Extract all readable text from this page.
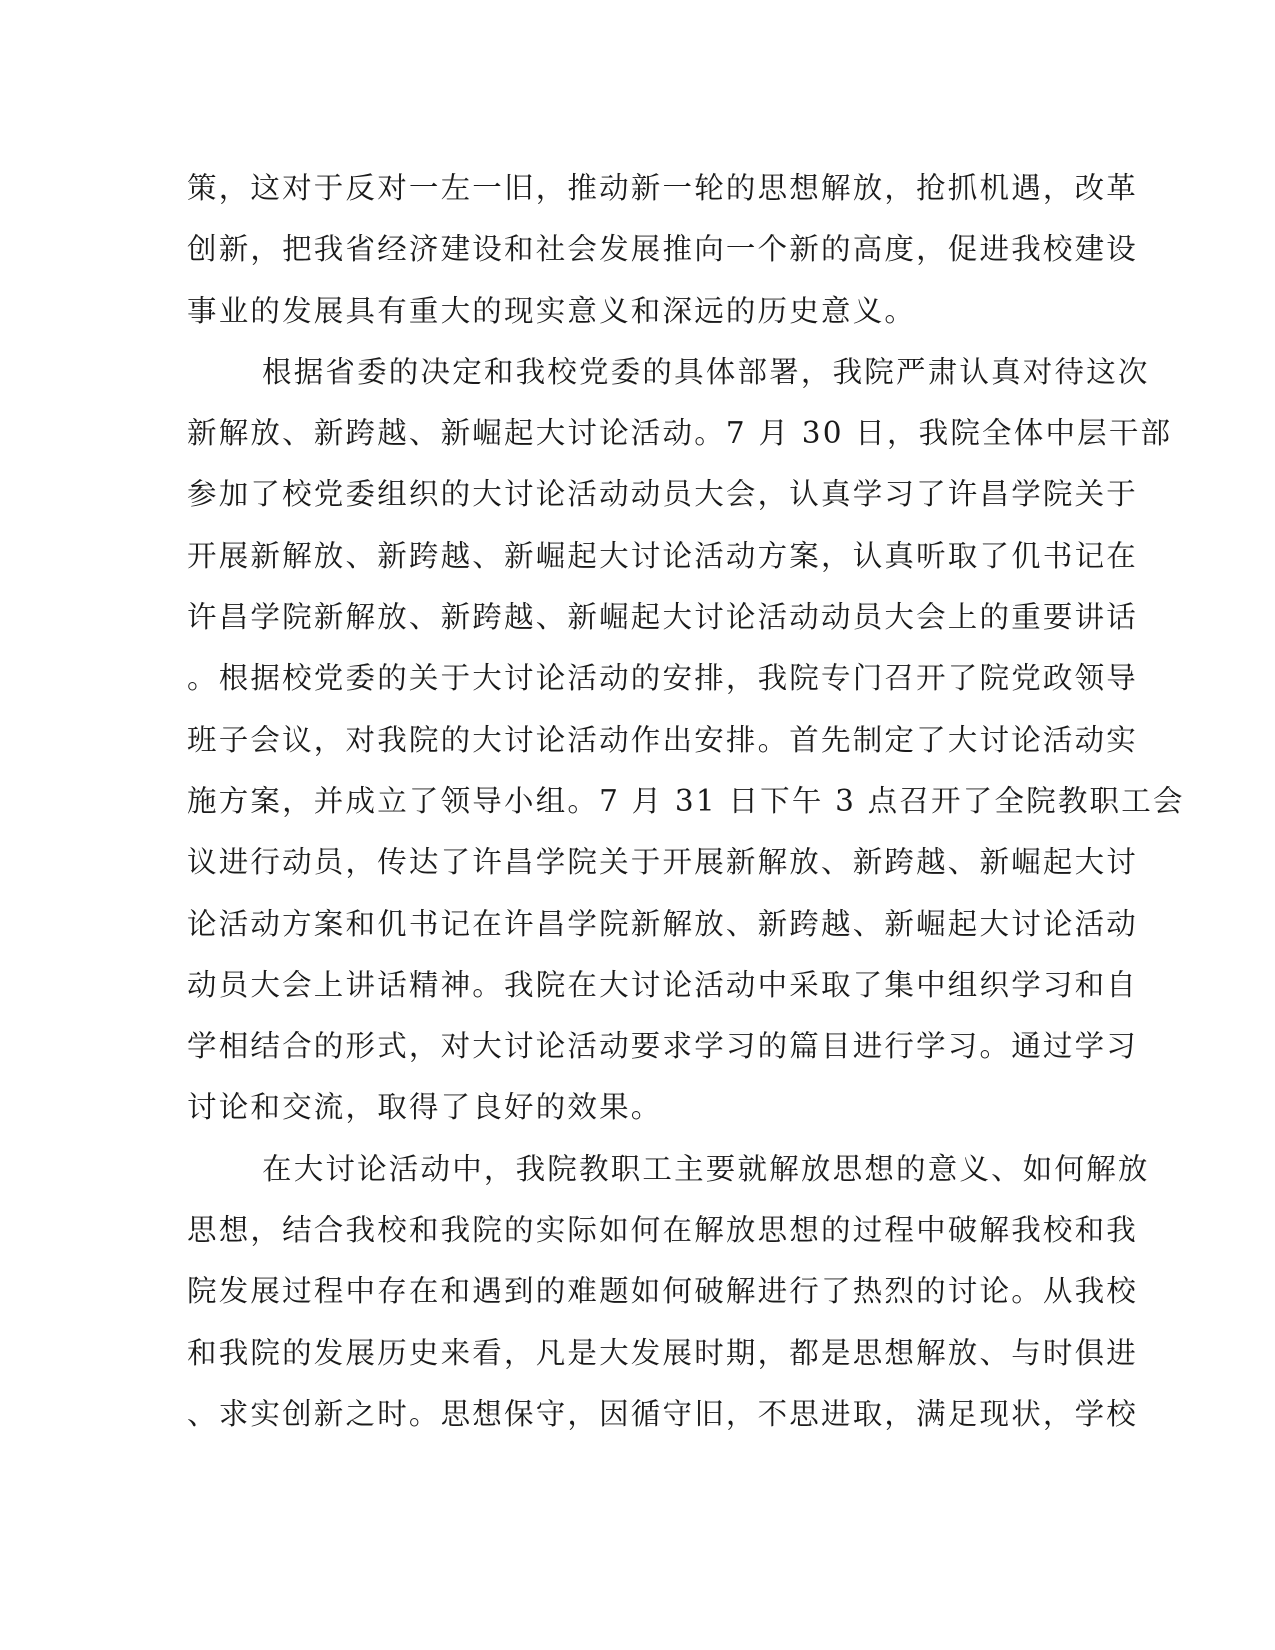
策，这对于反对一左一旧，推动新一轮的思想解放，抢抓机遇，改革
创新，把我省经济建设和社会发展推向一个新的高度，促进我校建设
事业的发展具有重大的现实意义和深远的历史意义。
根据省委的决定和我校党委的具体部署，我院严肃认真对待这次
新解放、新跨越、新崛起大讨论活动。7 月 30 日，我院全体中层干部
参加了校党委组织的大讨论活动动员大会，认真学习了许昌学院关于
开展新解放、新跨越、新崛起大讨论活动方案，认真听取了仉书记在
许昌学院新解放、新跨越、新崛起大讨论活动动员大会上的重要讲话
。根据校党委的关于大讨论活动的安排，我院专门召开了院党政领导
班子会议，对我院的大讨论活动作出安排。首先制定了大讨论活动实
施方案，并成立了领导小组。7 月 31 日下午 3 点召开了全院教职工会
议进行动员，传达了许昌学院关于开展新解放、新跨越、新崛起大讨
论活动方案和仉书记在许昌学院新解放、新跨越、新崛起大讨论活动
动员大会上讲话精神。我院在大讨论活动中采取了集中组织学习和自
学相结合的形式，对大讨论活动要求学习的篇目进行学习。通过学习
讨论和交流，取得了良好的效果。
在大讨论活动中，我院教职工主要就解放思想的意义、如何解放
思想，结合我校和我院的实际如何在解放思想的过程中破解我校和我
院发展过程中存在和遇到的难题如何破解进行了热烈的讨论。从我校
和我院的发展历史来看，凡是大发展时期，都是思想解放、与时俱进
、求实创新之时。思想保守，因循守旧，不思进取，满足现状，学校
